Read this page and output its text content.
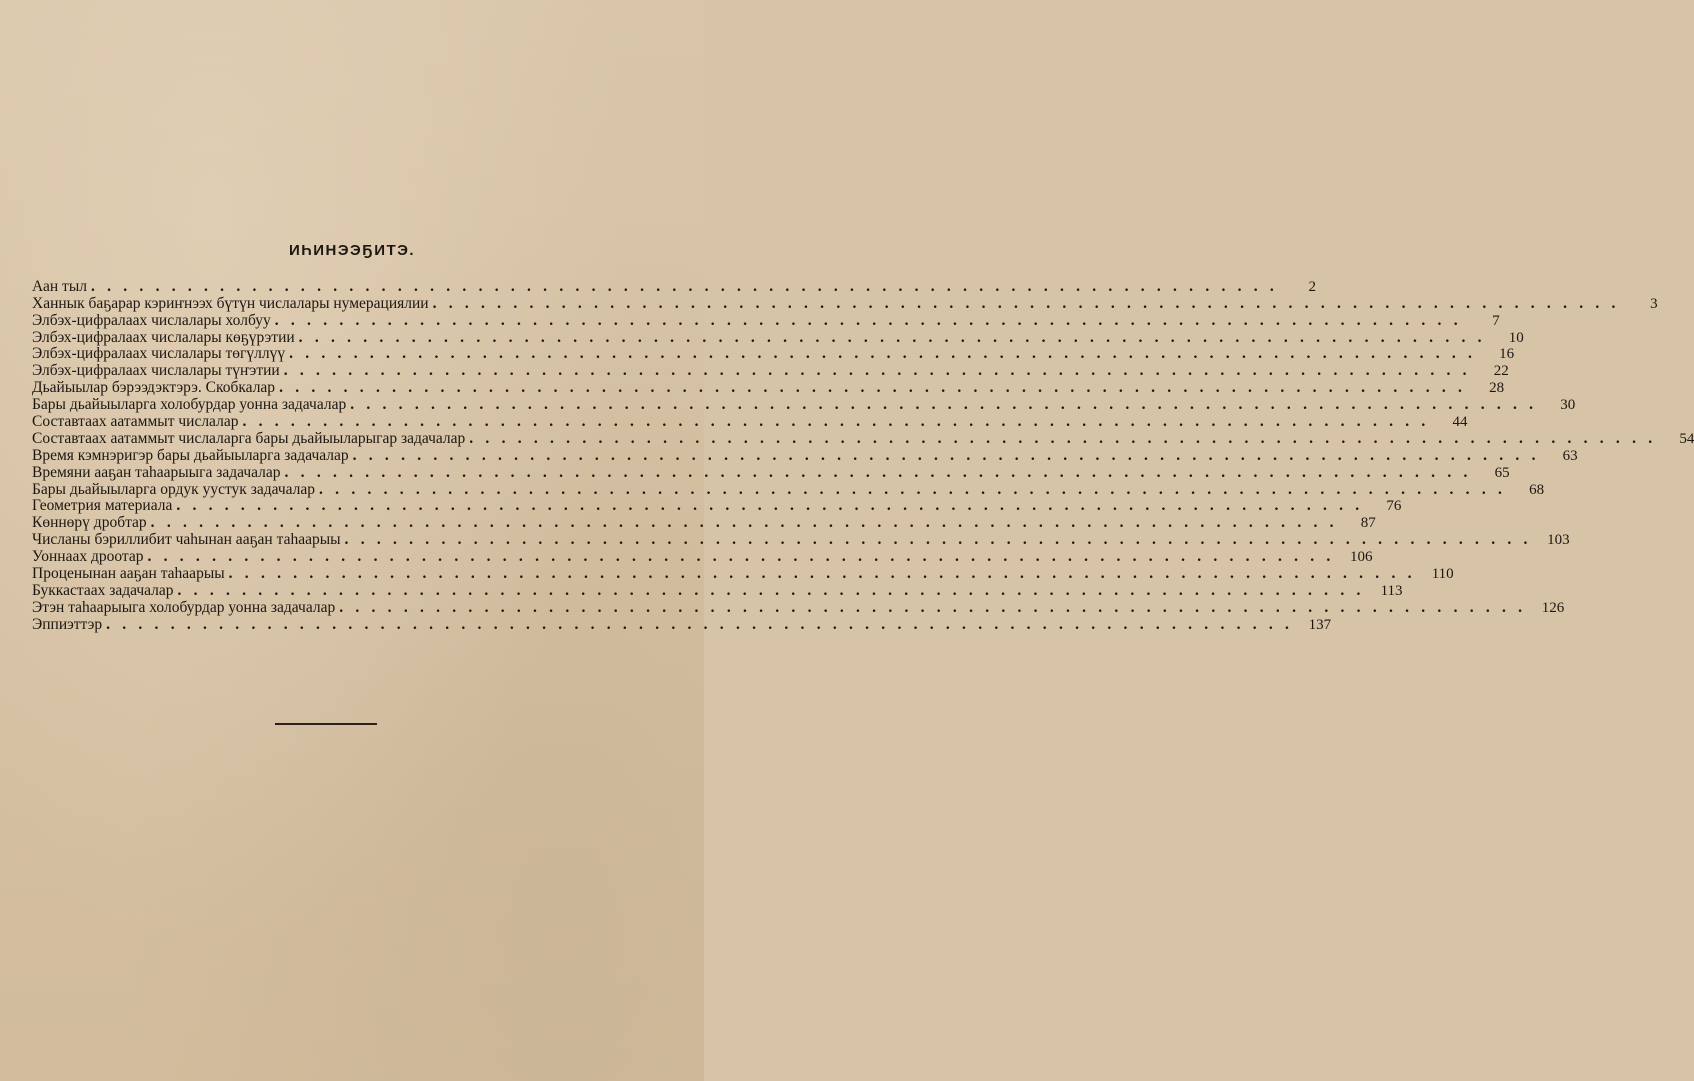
ИҺИНЭЭҔИТЭ.
Аан тыл . . .	2
Ханнык баҕарар кэриҥнээх бүтүн числалары нумерациялии . . .	3
Элбэх-цифралаах числалары холбуу . . .	7
Элбэх-цифралаах числалары көҕүрэтии . . .	10
Элбэх-цифралаах числалары төгүллүү . . .	16
Элбэх-цифралаах числалары түҥэтии . . .	22
Дьайыылар бэрээдэктэрэ. Скобкалар . . .	28
Бары дьайыыларга холобурдар уонна задачалар . . .	30
Составтаах аатаммыт числалар . . .	44
Составтаах аатаммыт числаларга бары дьайыыларыгар задачалар . . .	54
Время кэмнэригэр бары дьайыыларга задачалар . . .	63
Времяни ааҕан таһаарыыга задачалар . . .	65
Бары дьайыыларга ордук уустук задачалар . . .	68
Геометрия материала . . .	76
Көннөрү дробтар . . .	87
Числаны бэриллибит чаһынан ааҕан таһаарыы . . .	103
Уоннаах дроотар . . .	106
Проценынан ааҕан таһаарыы . . .	110
Буккастаах задачалар . . .	113
Этэн таһаарыыга холобурдар уонна задачалар . . .	126
Эппиэттэр . . .	137
